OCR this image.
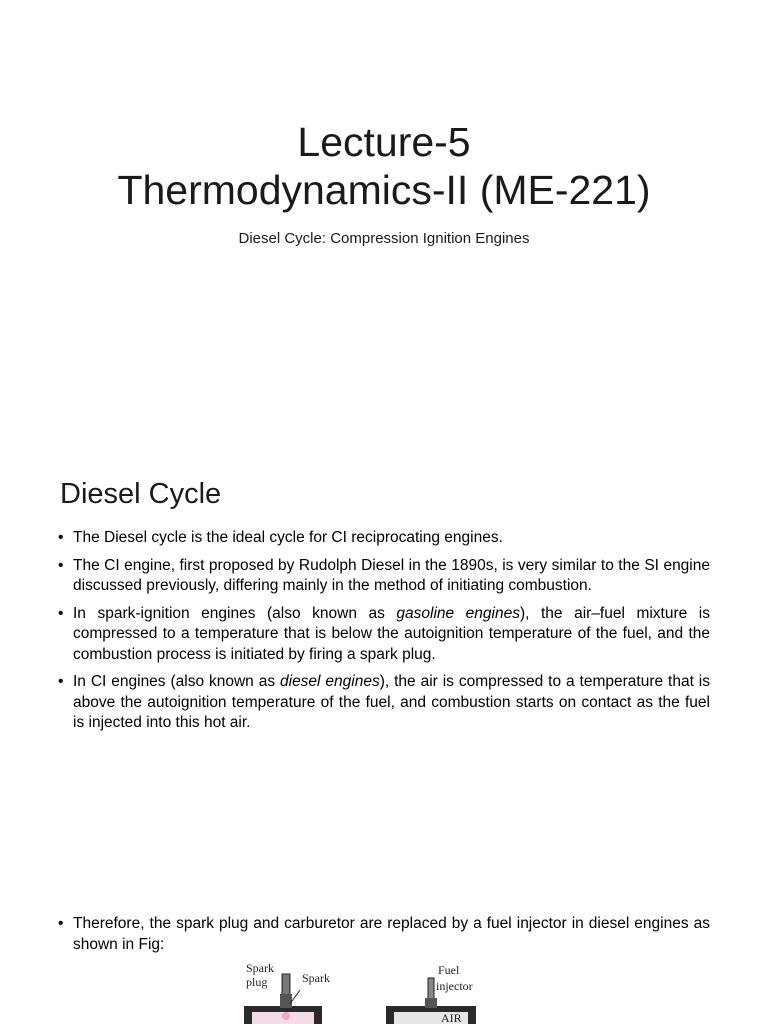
Lecture-5
Thermodynamics-II (ME-221)
Diesel Cycle: Compression Ignition Engines
Diesel Cycle
• The Diesel cycle is the ideal cycle for CI reciprocating engines.
• The CI engine, first proposed by Rudolph Diesel in the 1890s, is very similar to the SI engine discussed previously, differing mainly in the method of initiating combustion.
• In spark-ignition engines (also known as gasoline engines), the air–fuel mixture is compressed to a temperature that is below the autoignition temperature of the fuel, and the combustion process is initiated by firing a spark plug.
• In CI engines (also known as diesel engines), the air is compressed to a temperature that is above the autoignition temperature of the fuel, and combustion starts on contact as the fuel is injected into this hot air.
• Therefore, the spark plug and carburetor are replaced by a fuel injector in diesel engines as shown in Fig:
Spark
plug	Spark
Fuel
injector
AIR
